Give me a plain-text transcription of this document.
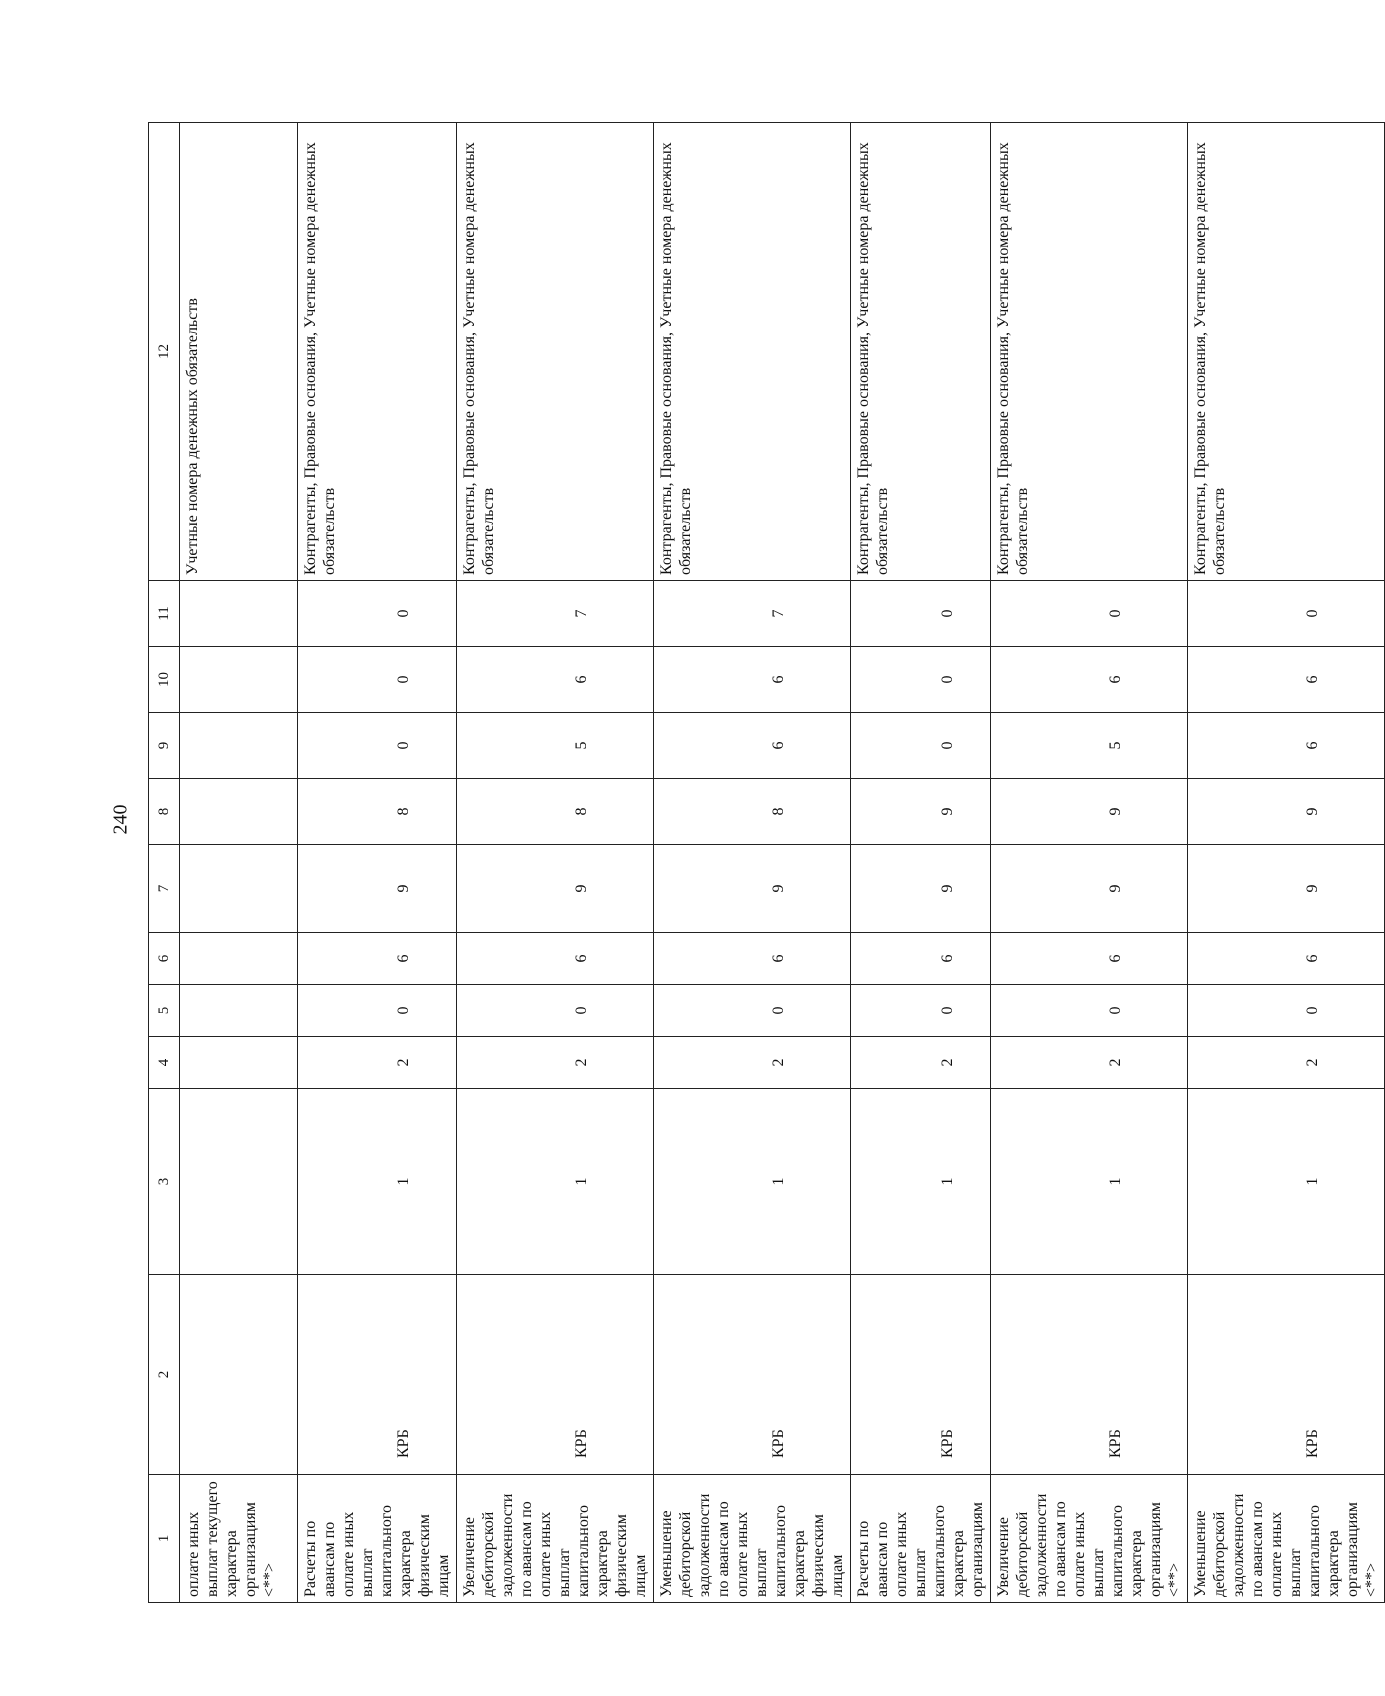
240
1	2	3	4	5	6	7	8	9	10	11	12
оплате иных выплат текущего характера организациям <**>											Учетные номера денежных обязательств
Расчеты по авансам по оплате иных выплат капитального характера физическим лицам	КРБ	1	2	0	6	9	8	0	0	0	Контрагенты, Правовые основания, Учетные номера денежных обязательств
Увеличение дебиторской задолженности по авансам по оплате иных выплат капитального характера физическим лицам	КРБ	1	2	0	6	9	8	5	6	7	Контрагенты, Правовые основания, Учетные номера денежных обязательств
Уменьшение дебиторской задолженности по авансам по оплате иных выплат капитального характера физическим лицам	КРБ	1	2	0	6	9	8	6	6	7	Контрагенты, Правовые основания, Учетные номера денежных обязательств
Расчеты по авансам по оплате иных выплат капитального характера организациям	КРБ	1	2	0	6	9	9	0	0	0	Контрагенты, Правовые основания, Учетные номера денежных обязательств
Увеличение дебиторской задолженности по авансам по оплате иных выплат капитального характера организациям <**>	КРБ	1	2	0	6	9	9	5	6	0	Контрагенты, Правовые основания, Учетные номера денежных обязательств
Уменьшение дебиторской задолженности по авансам по оплате иных выплат капитального характера организациям <**>	КРБ	1	2	0	6	9	9	6	6	0	Контрагенты, Правовые основания, Учетные номера денежных обязательств
